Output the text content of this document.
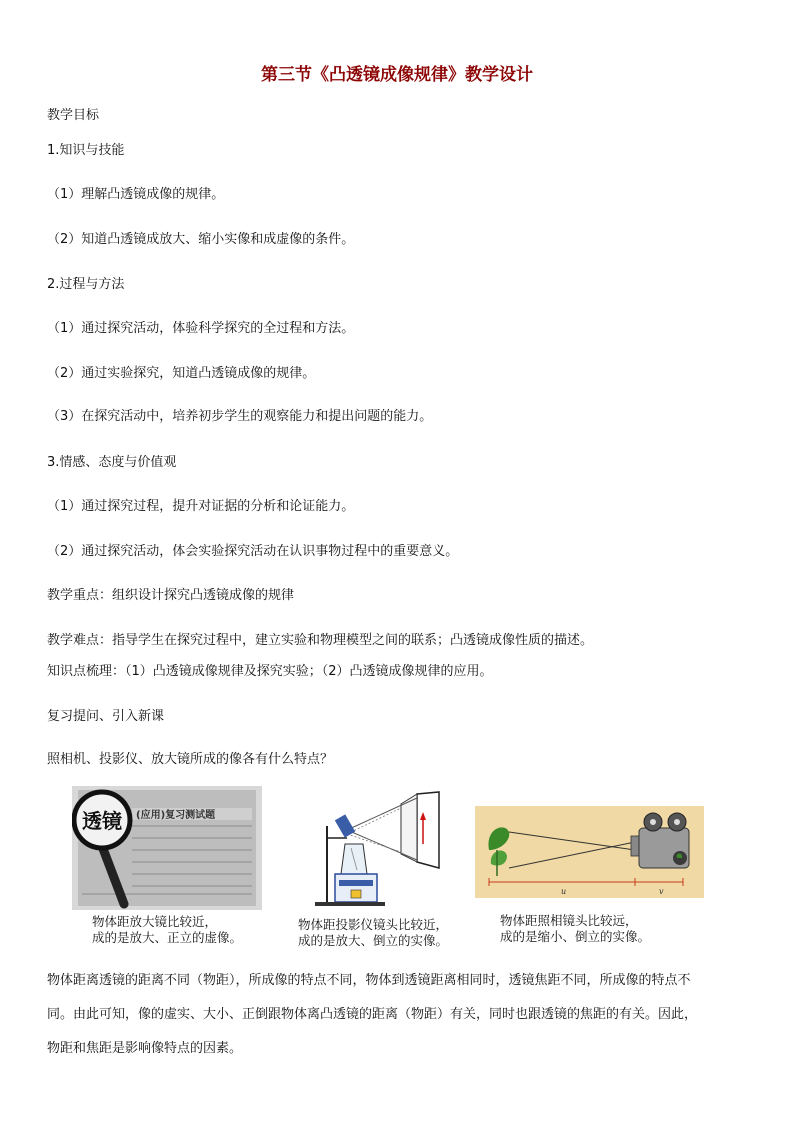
第三节《凸透镜成像规律》教学设计
教学目标
1.知识与技能
（1）理解凸透镜成像的规律。
（2）知道凸透镜成放大、缩小实像和成虚像的条件。
2.过程与方法
（1）通过探究活动，体验科学探究的全过程和方法。
（2）通过实验探究，知道凸透镜成像的规律。
（3）在探究活动中，培养初步学生的观察能力和提出问题的能力。
3.情感、态度与价值观
（1）通过探究过程，提升对证据的分析和论证能力。
（2）通过探究活动，体会实验探究活动在认识事物过程中的重要意义。
教学重点：组织设计探究凸透镜成像的规律
教学难点：指导学生在探究过程中，建立实验和物理模型之间的联系；凸透镜成像性质的描述。
知识点梳理：（1）凸透镜成像规律及探究实验；（2）凸透镜成像规律的应用。
复习提问、引入新课
照相机、投影仪、放大镜所成的像各有什么特点？
(应用)复习测试题
透镜
物体距放大镜比较近，
成的是放大、正立的虚像。
物体距投影仪镜头比较近，
成的是放大、倒立的实像。
u	v
物体距照相镜头比较远，
成的是缩小、倒立的实像。
物体距离透镜的距离不同（物距），所成像的特点不同，物体到透镜距离相同时，透镜焦距不同，所成像的特点不
同。由此可知，像的虚实、大小、正倒跟物体离凸透镜的距离（物距）有关，同时也跟透镜的焦距的有关。因此，
物距和焦距是影响像特点的因素。
